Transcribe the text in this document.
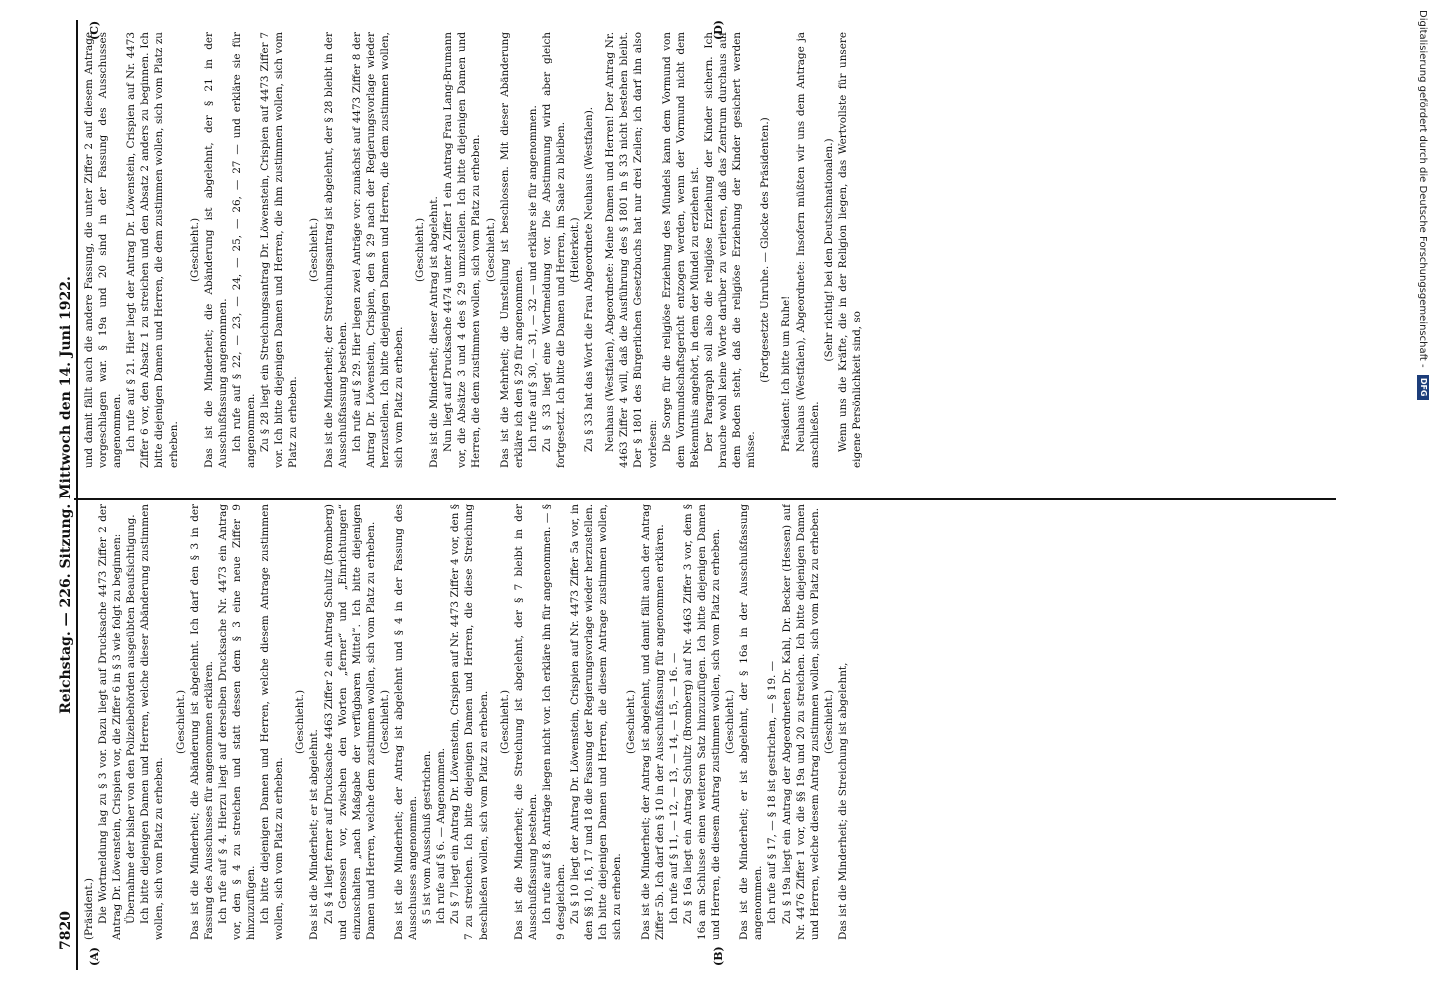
7820
Reichstag. — 226. Sitzung. Mittwoch den 14. Juni 1922.
(A)	(B)
(C)	(D)

(Präsident.) Die Wortmeldung lag zu § 3 vor. Dazu liegt auf Drucksache 4473 Ziffer 2 der Antrag Dr. Löwenstein, Crispien vor, die Ziffer 6 in § 3 wie folgt zu beginnen: Übernahme der bisher von den Polizeibehörden ausgeübten Beaufsichtigung. Ich bitte diejenigen Damen und Herren, welche dieser Abänderung zustimmen wollen, sich vom Platz zu erheben.

(Geschieht.) Das ist die Minderheit; die Abänderung ist abgelehnt. Ich darf den § 3 in der Fassung des Ausschusses für angenommen erklären. Ich rufe auf § 4. Hierzu liegt auf derselben Drucksache Nr. 4473 ein Antrag vor, den § 4 zu streichen und statt dessen dem § 3 eine neue Ziffer 9 hinzuzufügen. Ich bitte diejenigen Damen und Herren, welche diesem Antrage zustimmen wollen, sich vom Platz zu erheben.

(Geschieht.)

Das ist die Minderheit; er ist abgelehnt. Zu § 4 liegt ferner auf Drucksache 4463 Ziffer 2 ein Antrag Schultz (Bromberg) und Genossen vor, zwischen den Worten „ferner“ und „Einrichtungen“ einzuschalten „nach Maßgabe der verfügbaren Mittel“. Ich bitte diejenigen Damen und Herren, welche dem zustimmen wollen, sich vom Platz zu erheben. (Geschieht.) Das ist die Minderheit; der Antrag ist abgelehnt und § 4 in der Fassung des Ausschusses angenommen. § 5 ist vom Ausschuß gestrichen. Ich rufe auf § 6. — Angenommen. Zu § 7 liegt ein Antrag Dr. Löwenstein, Crispien auf Nr. 4473 Ziffer 4 vor, den § 7 zu streichen. Ich bitte diejenigen Damen und Herren, die diese Streichung beschließen wollen, sich vom Platz zu erheben. (Geschieht.) Das ist die Minderheit; die Streichung ist abgelehnt, der § 7 bleibt in der Ausschußfassung bestehen. Ich rufe auf § 8. Anträge liegen nicht vor. Ich erkläre ihn für angenommen. — § 9 desgleichen. Zu § 10 liegt der Antrag Dr. Löwenstein, Crispien auf Nr. 4473 Ziffer 5a vor, in den §§ 10, 16, 17 und 18 die Fassung der Regierungsvorlage wieder herzustellen. Ich bitte diejenigen Damen und Herren, die diesem Antrage zustimmen wollen, sich zu erheben.

(Geschieht.) Das ist die Minderheit; der Antrag ist abgelehnt, und damit fällt auch der Antrag Ziffer 5b. Ich darf den § 10 in der Ausschußfassung für angenommen erklären. Ich rufe auf § 11, — 12, — 13, — 14, — 15, — 16. — Zu § 16a liegt ein Antrag Schultz (Bromberg) auf Nr. 4463 Ziffer 3 vor, dem § 16a am Schlusse einen weiteren Satz hinzuzufügen. Ich bitte diejenigen Damen und Herren, die diesem Antrag zustimmen wollen, sich vom Platz zu erheben. (Geschieht.) Das ist die Minderheit; er ist abgelehnt, der § 16a in der Ausschußfassung angenommen. Ich rufe auf § 17, — § 18 ist gestrichen, — § 19. — Zu § 19a liegt ein Antrag der Abgeordneten Dr. Kahl, Dr. Becker (Hessen) auf Nr. 4476 Ziffer 1 vor, die §§ 19a und 20 zu streichen. Ich bitte diejenigen Damen und Herren, welche diesem Antrag zustimmen wollen, sich vom Platz zu erheben. (Geschieht.) Das ist die Minderheit; die Streichung ist abgelehnt,

und damit fällt auch die andere Fassung, die unter Ziffer 2 auf diesem Antrage vorgeschlagen war. § 19a und 20 sind in der Fassung des Ausschusses angenommen. Ich rufe auf § 21. Hier liegt der Antrag Dr. Löwenstein, Crispien auf Nr. 4473 Ziffer 6 vor, den Absatz 1 zu streichen und den Absatz 2 anders zu beginnen. Ich bitte diejenigen Damen und Herren, die dem zustimmen wollen, sich vom Platz zu erheben.

(Geschieht.) Das ist die Minderheit; die Abänderung ist abgelehnt, der § 21 in der Ausschußfassung angenommen. Ich rufe auf § 22, — 23, — 24, — 25, — 26, — 27 — und erkläre sie für angenommen. Zu § 28 liegt ein Streichungsantrag Dr. Löwenstein, Crispien auf 4473 Ziffer 7 vor. Ich bitte diejenigen Damen und Herren, die ihm zustimmen wollen, sich vom Platz zu erheben.

(Geschieht.) Das ist die Minderheit; der Streichungsantrag ist abgelehnt, der § 28 bleibt in der Ausschußfassung bestehen. Ich rufe auf § 29. Hier liegen zwei Anträge vor: zunächst auf 4473 Ziffer 8 der Antrag Dr. Löwenstein, Crispien, den § 29 nach der Regierungsvorlage wieder herzustellen. Ich bitte diejenigen Damen und Herren, die dem zustimmen wollen, sich vom Platz zu erheben.

(Geschieht.) Das ist die Minderheit; dieser Antrag ist abgelehnt. Nun liegt auf Drucksache 4474 unter A Ziffer 1 ein Antrag Frau Lang-Brumann vor, die Absätze 3 und 4 des § 29 umzustellen. Ich bitte diejenigen Damen und Herren, die dem zustimmen wollen, sich vom Platz zu erheben. (Geschieht.) Das ist die Mehrheit; die Umstellung ist beschlossen. Mit dieser Abänderung erkläre ich den § 29 für angenommen. Ich rufe auf § 30, — 31, — 32 — und erkläre sie für angenommen. Zu § 33 liegt eine Wortmeldung vor. Die Abstimmung wird aber gleich fortgesetzt. Ich bitte die Damen und Herren, im Saale zu bleiben. (Heiterkeit.) Zu § 33 hat das Wort die Frau Abgeordnete Neuhaus (Westfalen). Neuhaus (Westfalen), Abgeordnete: Meine Damen und Herren! Der Antrag Nr. 4463 Ziffer 4 will, daß die Ausführung des § 1801 in § 33 nicht bestehen bleibt. Der § 1801 des Bürgerlichen Gesetzbuchs hat nur drei Zeilen; ich darf ihn also vorlesen: Die Sorge für die religiöse Erziehung des Mündels kann dem Vormund von dem Vormundschaftsgericht entzogen werden, wenn der Vormund nicht dem Bekenntnis angehört, in dem der Mündel zu erziehen ist. Der Paragraph soll also die religiöse Erziehung der Kinder sichern. Ich brauche wohl keine Worte darüber zu verlieren, daß das Zentrum durchaus auf dem Boden steht, daß die religiöse Erziehung der Kinder gesichert werden müsse.

(Fortgesetzte Unruhe. — Glocke des Präsidenten.) Präsident: Ich bitte um Ruhe! Neuhaus (Westfalen), Abgeordnete: Insofern müßten wir uns dem Antrage ja anschließen.

(Sehr richtig! bei den Deutschnationalen.) Wenn uns die Kräfte, die in der Religion liegen, das Wertvollste für unsere eigene Persönlichkeit sind, so

Digitalisierung gefördert durch die Deutsche Forschungsgemeinschaft - DFG
